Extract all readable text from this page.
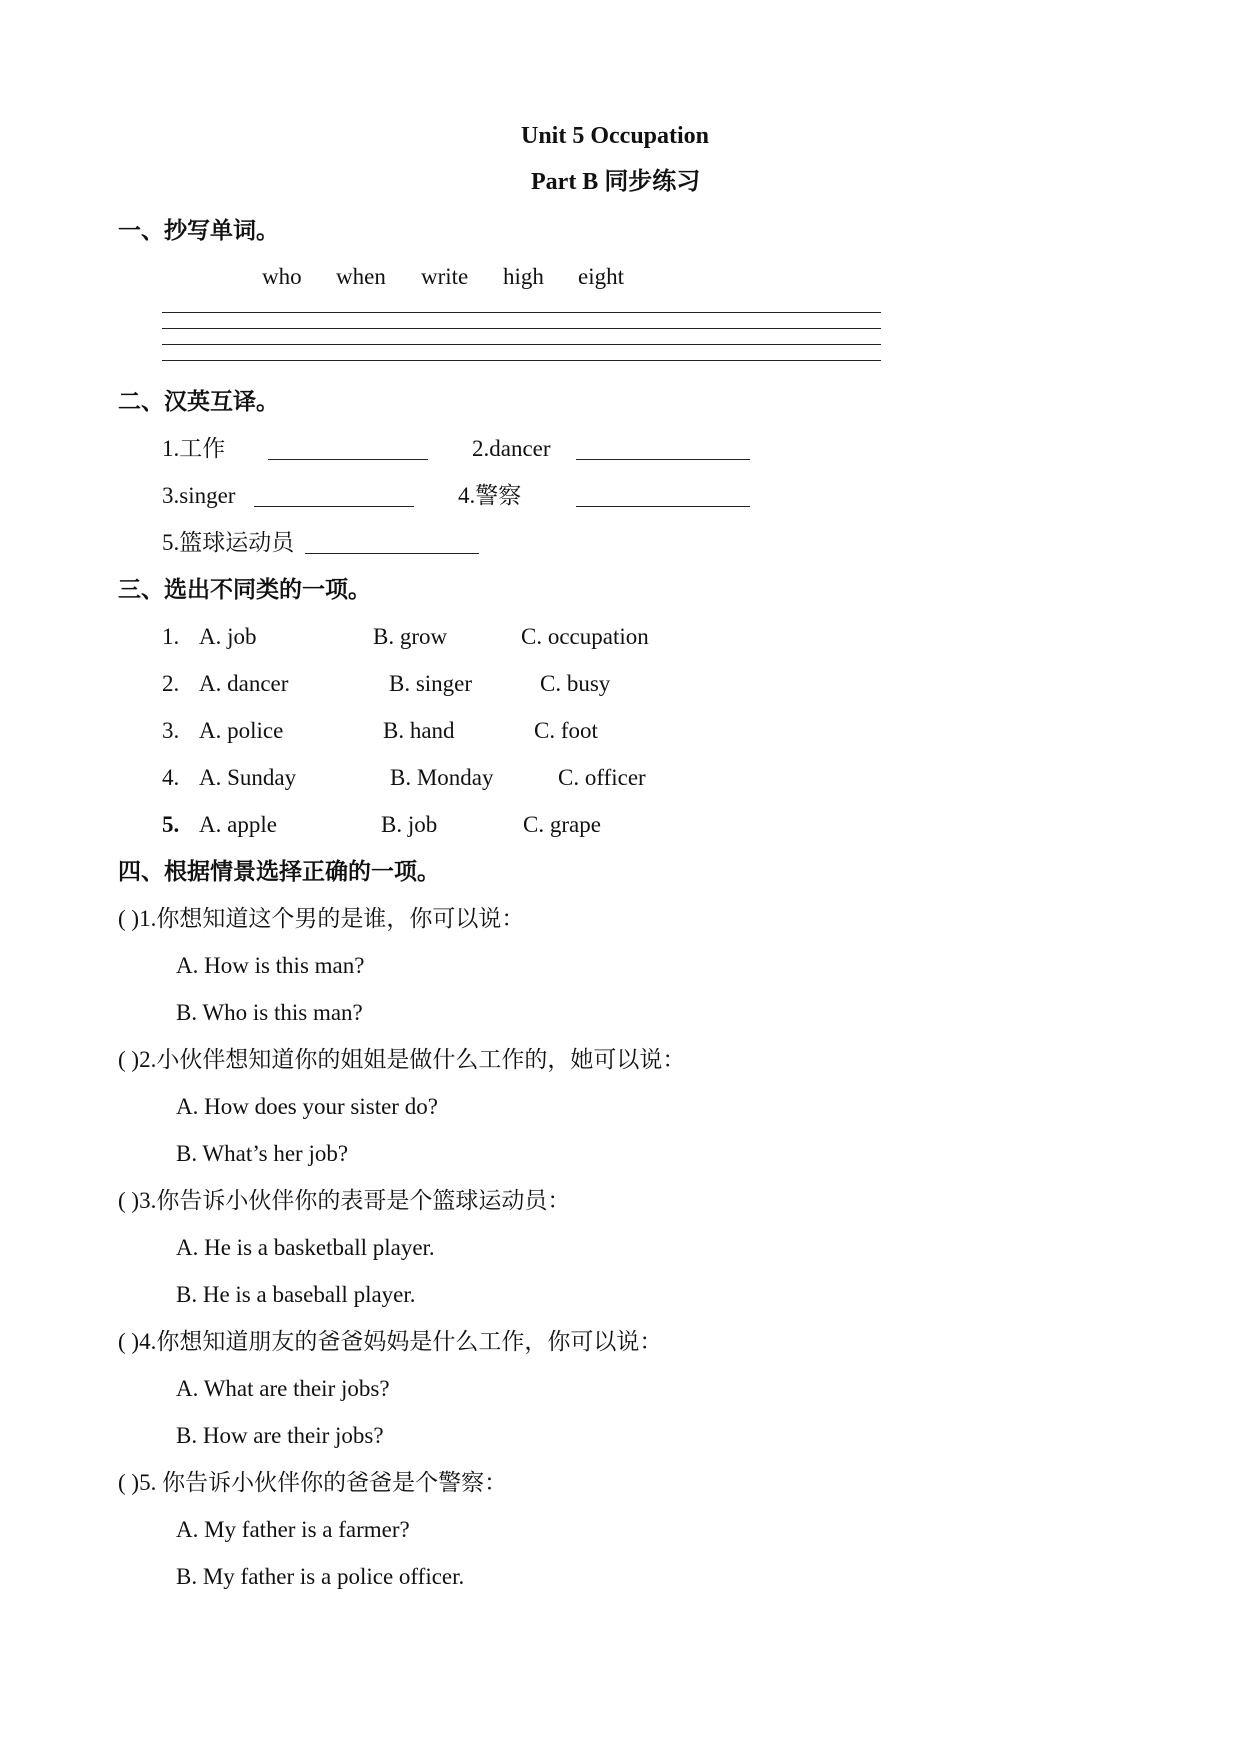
Unit 5 Occupation
Part B 同步练习
一、抄写单词。
who when write high eight
二、汉英互译。
1.工作	2.dancer
3.singer	4.警察
5.篮球运动员
三、选出不同类的一项。
1. A. job	B. grow	C. occupation
2. A. dancer	B. singer	C. busy
3. A. police	B. hand	C. foot
4. A. Sunday	B. Monday	C. officer
5. A. apple	B. job	C. grape
四、根据情景选择正确的一项。
( )1.你想知道这个男的是谁，你可以说：
A. How is this man?
B. Who is this man?
( )2.小伙伴想知道你的姐姐是做什么工作的，她可以说：
A. How does your sister do?
B. What’s her job?
( )3.你告诉小伙伴你的表哥是个篮球运动员：
A. He is a basketball player.
B. He is a baseball player.
( )4.你想知道朋友的爸爸妈妈是什么工作，你可以说：
A. What are their jobs?
B. How are their jobs?
( )5. 你告诉小伙伴你的爸爸是个警察：
A. My father is a farmer?
B. My father is a police officer.
